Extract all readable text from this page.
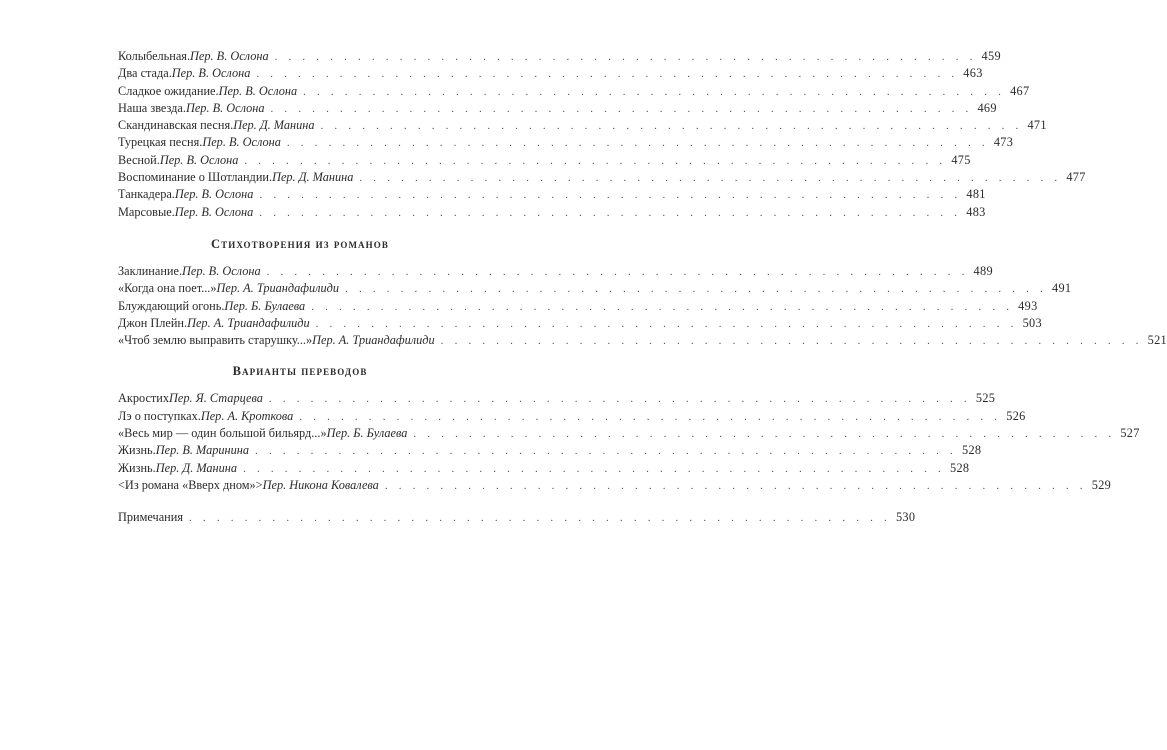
Колыбельная. Пер. В. Ослона . . . . . . . . . . . . . . . . . . . . . . . . . . . . . . . . . . . . . . . . . . . . . . . . . . . 459
Два стада. Пер. В. Ослона . . . . . . . . . . . . . . . . . . . . . . . . . . . . . . . . . . . . . . . . . . . . . . . . . . . 463
Сладкое ожидание. Пер. В. Ослона . . . . . . . . . . . . . . . . . . . . . . . . . . . . . . . . . . . . . . . . . . . . . . . . . . . 467
Наша звезда. Пер. В. Ослона . . . . . . . . . . . . . . . . . . . . . . . . . . . . . . . . . . . . . . . . . . . . . . . . . . . 469
Скандинавская песня. Пер. Д. Манина . . . . . . . . . . . . . . . . . . . . . . . . . . . . . . . . . . . . . . . . . . . . . . . . . . . 471
Турецкая песня. Пер. В. Ослона . . . . . . . . . . . . . . . . . . . . . . . . . . . . . . . . . . . . . . . . . . . . . . . . . . . 473
Весной. Пер. В. Ослона . . . . . . . . . . . . . . . . . . . . . . . . . . . . . . . . . . . . . . . . . . . . . . . . . . . 475
Воспоминание о Шотландии. Пер. Д. Манина . . . . . . . . . . . . . . . . . . . . . . . . . . . . . . . . . . . . . . . . . . . . . . . . . . . 477
Танкадера. Пер. В. Ослона . . . . . . . . . . . . . . . . . . . . . . . . . . . . . . . . . . . . . . . . . . . . . . . . . . . 481
Марсовые. Пер. В. Ослона . . . . . . . . . . . . . . . . . . . . . . . . . . . . . . . . . . . . . . . . . . . . . . . . . . . 483
Стихотворения из романов
Заклинание. Пер. В. Ослона . . . . . . . . . . . . . . . . . . . . . . . . . . . . . . . . . . . . . . . . . . . . . . . . . . . 489
«Когда она поет...» Пер. А. Триандафилиди . . . . . . . . . . . . . . . . . . . . . . . . . . . . . . . . . . . . . . . . . . . . . . . . . . . 491
Блуждающий огонь. Пер. Б. Булаева . . . . . . . . . . . . . . . . . . . . . . . . . . . . . . . . . . . . . . . . . . . . . . . . . . . 493
Джон Плейн. Пер. А. Триандафилиди . . . . . . . . . . . . . . . . . . . . . . . . . . . . . . . . . . . . . . . . . . . . . . . . . . . 503
«Чтоб землю выправить старушку...» Пер. А. Триандафилиди . . . . . . . . . . . . . . . . . . . . . . . . . . . . . . . . . . . . . . . . . . . . . . . . . . . 521
Варианты переводов
Акростих Пер. Я. Старцева . . . . . . . . . . . . . . . . . . . . . . . . . . . . . . . . . . . . . . . . . . . . . . . . . . . 525
Лэ о поступках. Пер. А. Кроткова . . . . . . . . . . . . . . . . . . . . . . . . . . . . . . . . . . . . . . . . . . . . . . . . . . . 526
«Весь мир — один большой бильярд...» Пер. Б. Булаева . . . . . . . . . . . . . . . . . . . . . . . . . . . . . . . . . . . . . . . . . . . . . . . . . . . 527
Жизнь. Пер. В. Маринина . . . . . . . . . . . . . . . . . . . . . . . . . . . . . . . . . . . . . . . . . . . . . . . . . . . 528
Жизнь. Пер. Д. Манина . . . . . . . . . . . . . . . . . . . . . . . . . . . . . . . . . . . . . . . . . . . . . . . . . . . 528
<Из романа «Вверх дном»> Пер. Никона Ковалева . . . . . . . . . . . . . . . . . . . . . . . . . . . . . . . . . . . . . . . . . . . . . . . . . . . 529
Примечания . . . . . . . . . . . . . . . . . . . . . . . . . . . . . . . . . . . . . . . . . . . . . . . . . . . 530
